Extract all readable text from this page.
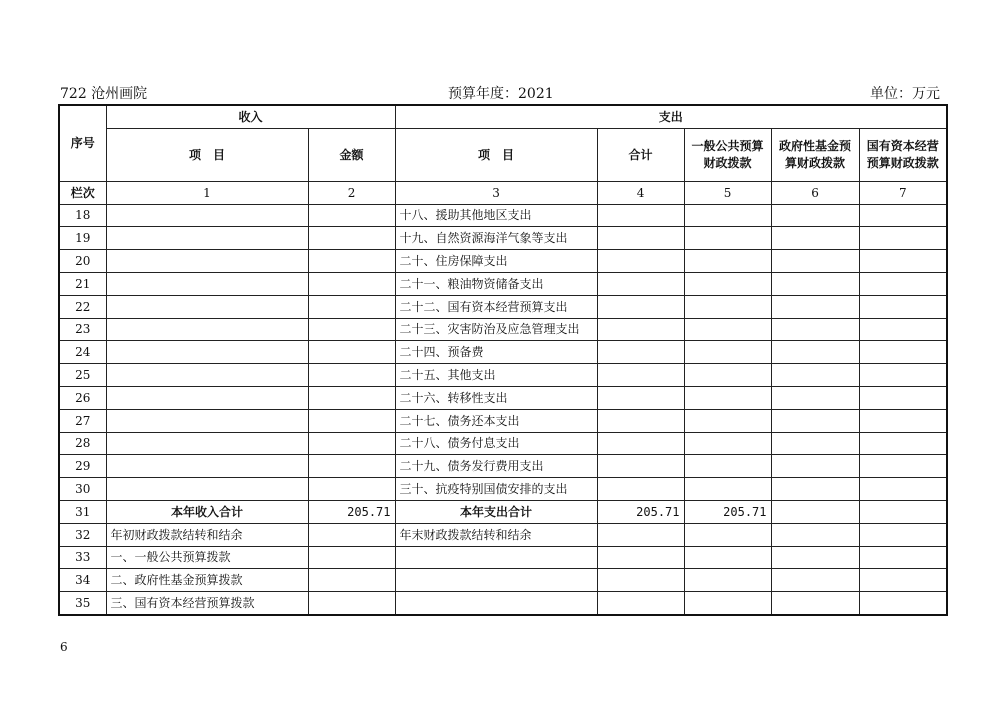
722 沧州画院	预算年度：2021	单位：万元
序号	收入		支出				
	项　目	金额	项　目	合计	一般公共预算财政拨款	政府性基金预算财政拨款	国有资本经营预算财政拨款
栏次	1	2	3	4	5	6	7
18			十八、援助其他地区支出				
19			十九、自然资源海洋气象等支出				
20			二十、住房保障支出				
21			二十一、粮油物资储备支出				
22			二十二、国有资本经营预算支出				
23			二十三、灾害防治及应急管理支出				
24			二十四、预备费				
25			二十五、其他支出				
26			二十六、转移性支出				
27			二十七、债务还本支出				
28			二十八、债务付息支出				
29			二十九、债务发行费用支出				
30			三十、抗疫特别国债安排的支出				
31	本年收入合计	205.71	本年支出合计	205.71	205.71		
32	年初财政拨款结转和结余		年末财政拨款结转和结余				
33	一、一般公共预算拨款						
34	二、政府性基金预算拨款						
35	三、国有资本经营预算拨款						
6
